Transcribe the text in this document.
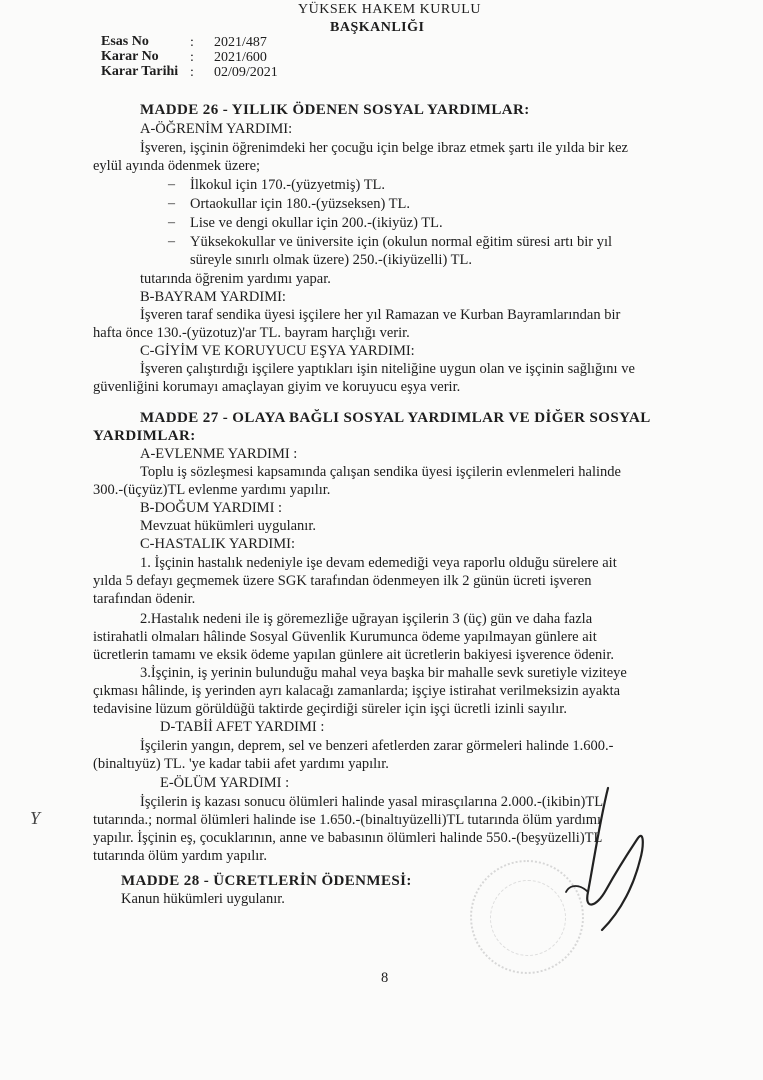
YÜKSEK HAKEM KURULU
BAŞKANLIĞI
Esas No	: 2021/487
Karar No : 2021/600
Karar Tarihi : 02/09/2021
MADDE 26 - YILLIK ÖDENEN SOSYAL YARDIMLAR:
A-ÖĞRENİM YARDIMI:
İşveren, işçinin öğrenimdeki her çocuğu için belge ibraz etmek şartı ile yılda bir kez
eylül ayında ödenmek üzere;
– İlkokul için 170.-(yüzyetmiş) TL.
– Ortaokullar için 180.-(yüzseksen) TL.
– Lise ve dengi okullar için 200.-(ikiyüz) TL.
– Yüksekokullar ve üniversite için (okulun normal eğitim süresi artı bir yıl
süreyle sınırlı olmak üzere) 250.-(ikiyüzelli) TL.
tutarında öğrenim yardımı yapar.
B-BAYRAM YARDIMI:
İşveren taraf sendika üyesi işçilere her yıl Ramazan ve Kurban Bayramlarından bir
hafta önce 130.-(yüzotuz)'ar TL. bayram harçlığı verir.
C-GİYİM VE KORUYUCU EŞYA YARDIMI:
İşveren çalıştırdığı işçilere yaptıkları işin niteliğine uygun olan ve işçinin sağlığını ve
güvenliğini korumayı amaçlayan giyim ve koruyucu eşya verir.
MADDE 27 - OLAYA BAĞLI SOSYAL YARDIMLAR VE DİĞER SOSYAL
YARDIMLAR:
A-EVLENME YARDIMI :
Toplu iş sözleşmesi kapsamında çalışan sendika üyesi işçilerin evlenmeleri halinde
300.-(üçyüz)TL evlenme yardımı yapılır.
B-DOĞUM YARDIMI :
Mevzuat hükümleri uygulanır.
C-HASTALIK YARDIMI:
1. İşçinin hastalık nedeniyle işe devam edemediği veya raporlu olduğu sürelere ait
yılda 5 defayı geçmemek üzere SGK tarafından ödenmeyen ilk 2 günün ücreti işveren
tarafından ödenir.
2.Hastalık nedeni ile iş göremezliğe uğrayan işçilerin 3 (üç) gün ve daha fazla
istirahatli olmaları hâlinde Sosyal Güvenlik Kurumunca ödeme yapılmayan günlere ait
ücretlerin tamamı ve eksik ödeme yapılan günlere ait ücretlerin bakiyesi işverence ödenir.
3.İşçinin, iş yerinin bulunduğu mahal veya başka bir mahalle sevk suretiyle viziteye
çıkması hâlinde, iş yerinden ayrı kalacağı zamanlarda; işçiye istirahat verilmeksizin ayakta
tedavisine lüzum görüldüğü taktirde geçirdiği süreler için işçi ücretli izinli sayılır.
D-TABİİ AFET YARDIMI :
İşçilerin yangın, deprem, sel ve benzeri afetlerden zarar görmeleri halinde 1.600.-
(binaltıyüz) TL. 'ye kadar tabii afet yardımı yapılır.
E-ÖLÜM YARDIMI :
İşçilerin iş kazası sonucu ölümleri halinde yasal mirasçılarına 2.000.-(ikibin)TL
tutarında.; normal ölümleri halinde ise 1.650.-(binaltıyüzelli)TL tutarında ölüm yardımı
yapılır. İşçinin eş, çocuklarının, anne ve babasının ölümleri halinde 550.-(beşyüzelli)TL
tutarında ölüm yardım yapılır.
MADDE 28 - ÜCRETLERİN ÖDENMESİ:
Kanun hükümleri uygulanır.
Y
8
